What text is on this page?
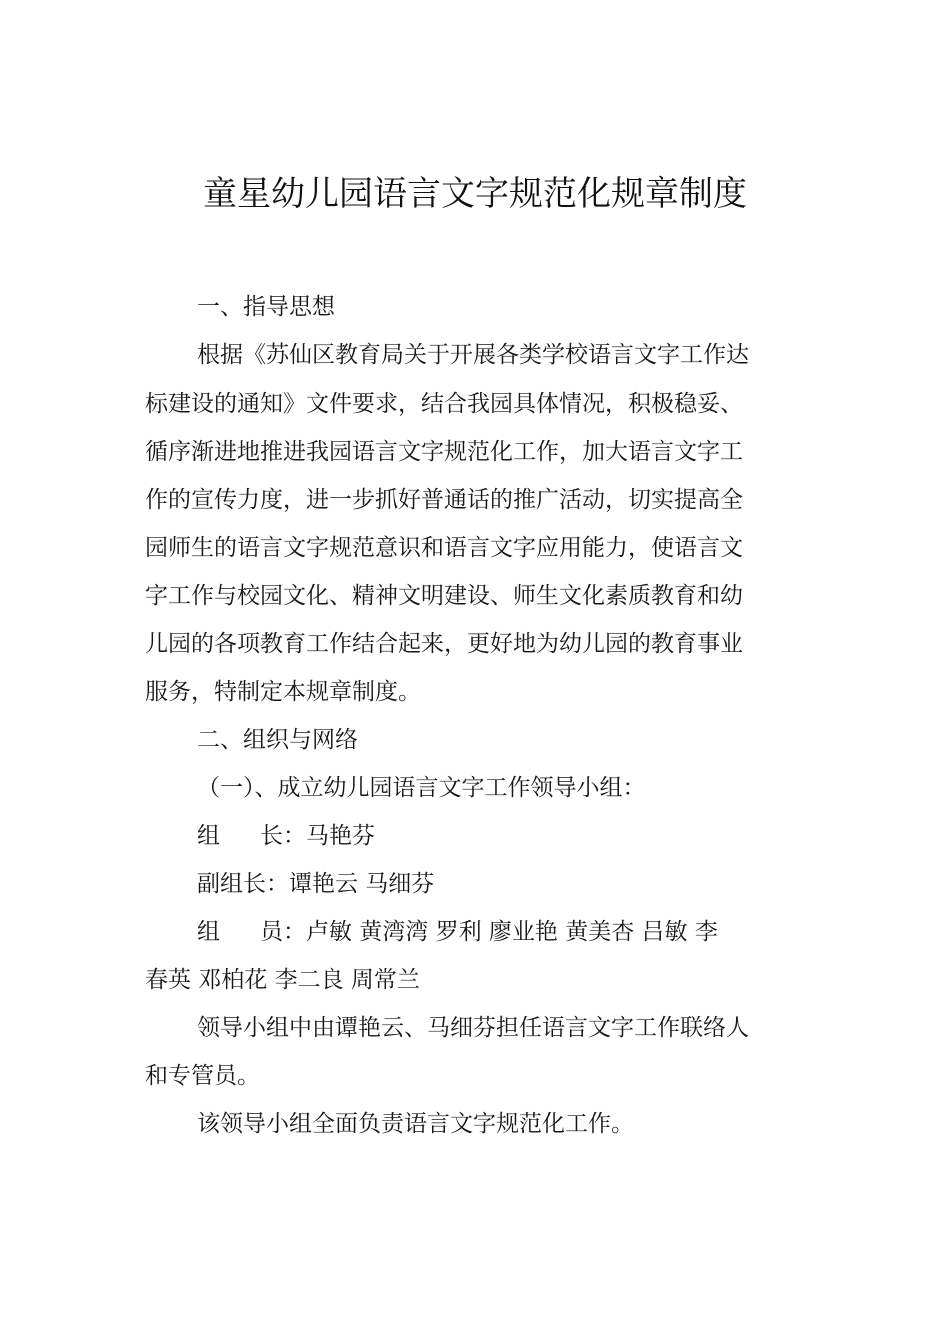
童星幼儿园语言文字规范化规章制度
一、指导思想
根据《苏仙区教育局关于开展各类学校语言文字工作达
标建设的通知》文件要求，结合我园具体情况，积极稳妥、
循序渐进地推进我园语言文字规范化工作，加大语言文字工
作的宣传力度，进一步抓好普通话的推广活动，切实提高全
园师生的语言文字规范意识和语言文字应用能力，使语言文
字工作与校园文化、精神文明建设、师生文化素质教育和幼
儿园的各项教育工作结合起来，更好地为幼儿园的教育事业
服务，特制定本规章制度。
二、组织与网络
（一）、成立幼儿园语言文字工作领导小组：
组 长：马艳芬
副组长：谭艳云 马细芬
组 员：卢敏 黄湾湾 罗利 廖业艳 黄美杏 吕敏 李
春英 邓柏花 李二良 周常兰
领导小组中由谭艳云、马细芬担任语言文字工作联络人
和专管员。
该领导小组全面负责语言文字规范化工作。
